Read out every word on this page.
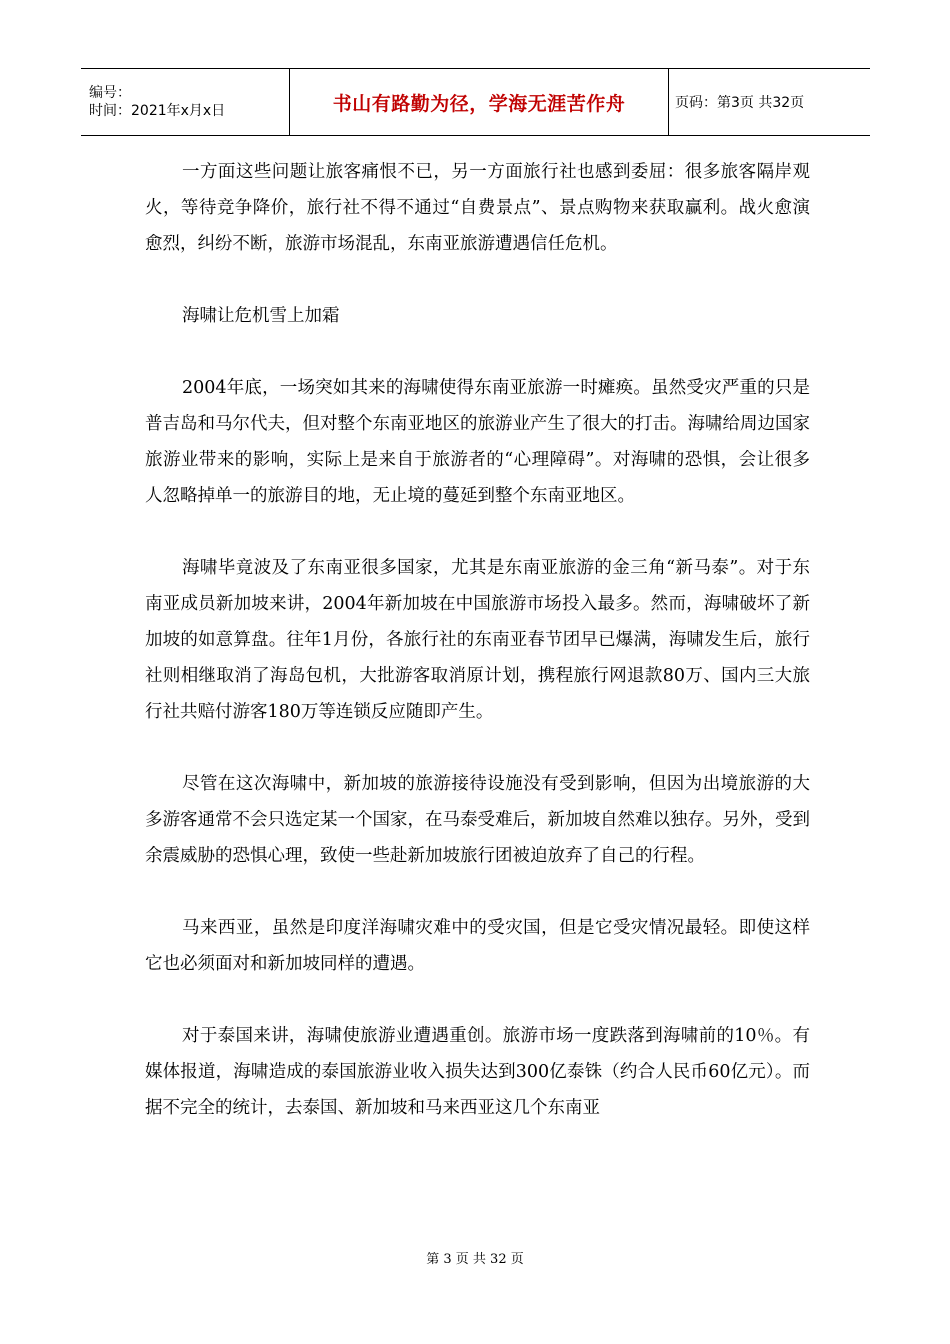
编号：
时间：2021年x月x日	书山有路勤为径，学海无涯苦作舟	页码：第3页 共32页

一方面这些问题让旅客痛恨不已，另一方面旅行社也感到委屈：很多旅客隔岸观火，等待竞争降价，旅行社不得不通过“自费景点”、景点购物来获取赢利。战火愈演愈烈，纠纷不断，旅游市场混乱，东南亚旅游遭遇信任危机。

海啸让危机雪上加霜

2004年底，一场突如其来的海啸使得东南亚旅游一时瘫痪。虽然受灾严重的只是普吉岛和马尔代夫，但对整个东南亚地区的旅游业产生了很大的打击。海啸给周边国家旅游业带来的影响，实际上是来自于旅游者的“心理障碍”。对海啸的恐惧，会让很多人忽略掉单一的旅游目的地，无止境的蔓延到整个东南亚地区。

海啸毕竟波及了东南亚很多国家，尤其是东南亚旅游的金三角“新马泰”。对于东南亚成员新加坡来讲，2004年新加坡在中国旅游市场投入最多。然而，海啸破坏了新加坡的如意算盘。往年1月份，各旅行社的东南亚春节团早已爆满，海啸发生后，旅行社则相继取消了海岛包机，大批游客取消原计划，携程旅行网退款80万、国内三大旅行社共赔付游客180万等连锁反应随即产生。

尽管在这次海啸中，新加坡的旅游接待设施没有受到影响，但因为出境旅游的大多游客通常不会只选定某一个国家，在马泰受难后，新加坡自然难以独存。另外，受到余震威胁的恐惧心理，致使一些赴新加坡旅行团被迫放弃了自己的行程。

马来西亚，虽然是印度洋海啸灾难中的受灾国，但是它受灾情况最轻。即使这样它也必须面对和新加坡同样的遭遇。

对于泰国来讲，海啸使旅游业遭遇重创。旅游市场一度跌落到海啸前的10％。有媒体报道，海啸造成的泰国旅游业收入损失达到300亿泰铢（约合人民币60亿元）。而据不完全的统计，去泰国、新加坡和马来西亚这几个东南亚

第 3 页 共 32 页
